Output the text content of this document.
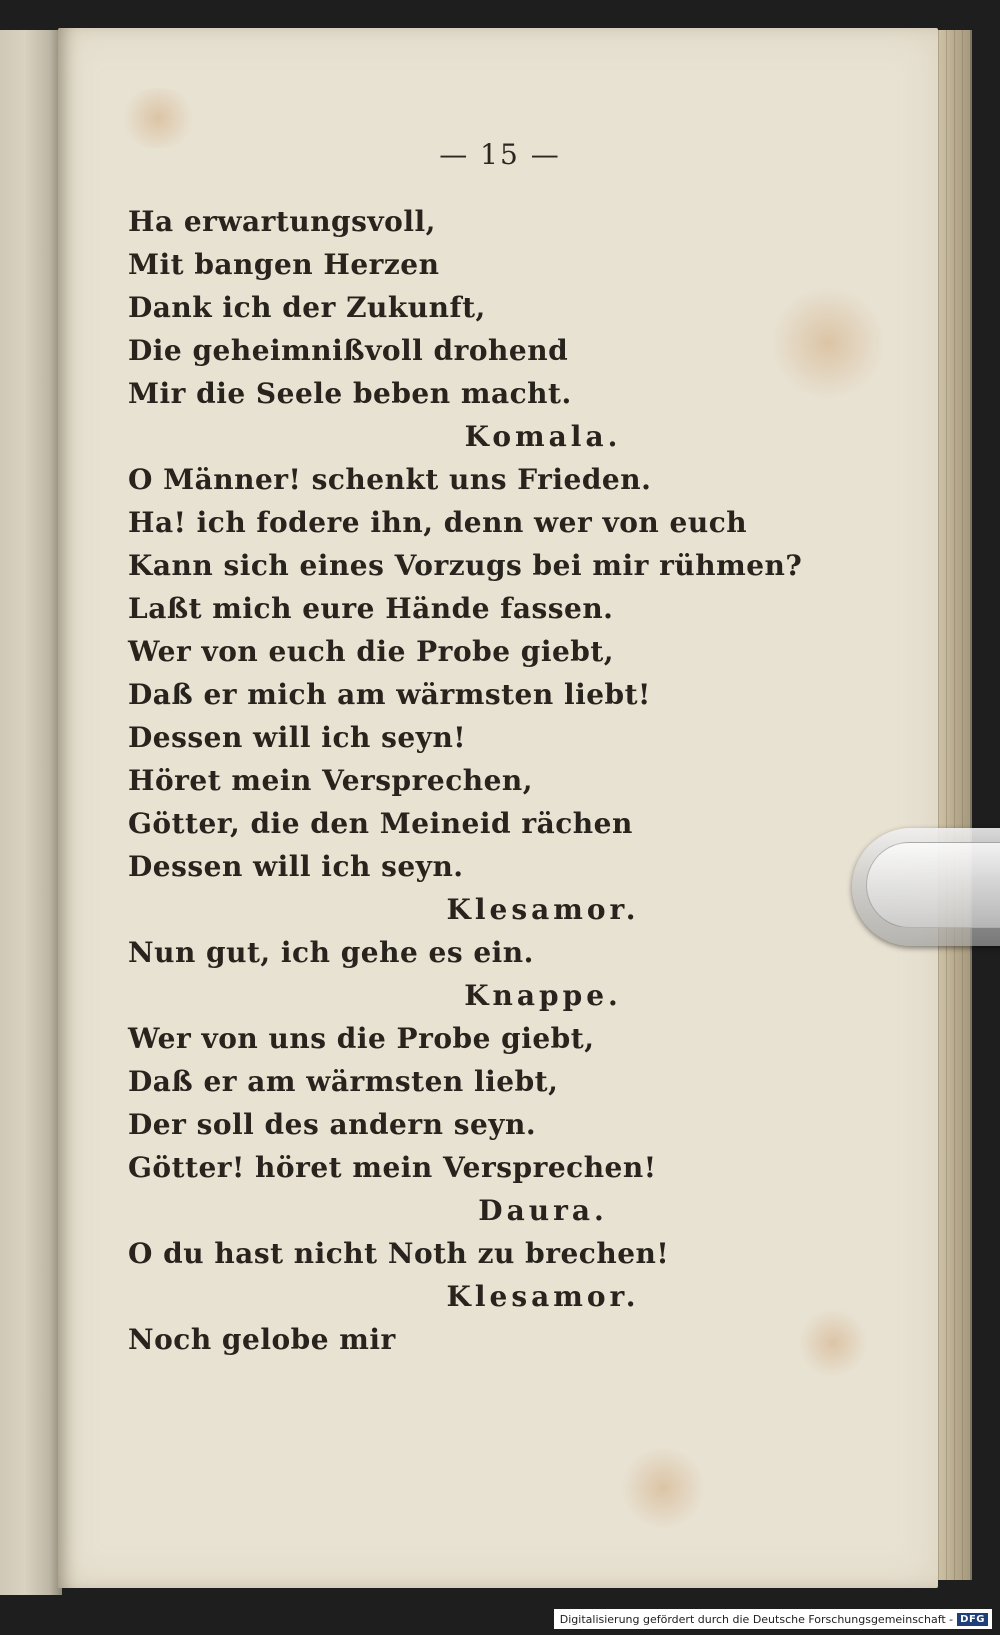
— 15 —
Ha erwartungsvoll,
Mit bangen Herzen
Dank ich der Zukunft,
Die geheimnißvoll drohend
Mir die Seele beben macht.
Komala.
O Männer! schenkt uns Frieden.
Ha! ich fodere ihn, denn wer von euch
Kann sich eines Vorzugs bei mir rühmen?
Laßt mich eure Hände fassen.
Wer von euch die Probe giebt,
Daß er mich am wärmsten liebt!
Dessen will ich seyn!
Höret mein Versprechen,
Götter, die den Meineid rächen
Dessen will ich seyn.
Klesamor.
Nun gut, ich gehe es ein.
Knappe.
Wer von uns die Probe giebt,
Daß er am wärmsten liebt,
Der soll des andern seyn.
Götter! höret mein Versprechen!
Daura.
O du hast nicht Noth zu brechen!
Klesamor.
Noch gelobe mir
Digitalisierung gefördert durch die Deutsche Forschungsgemeinschaft - DFG
